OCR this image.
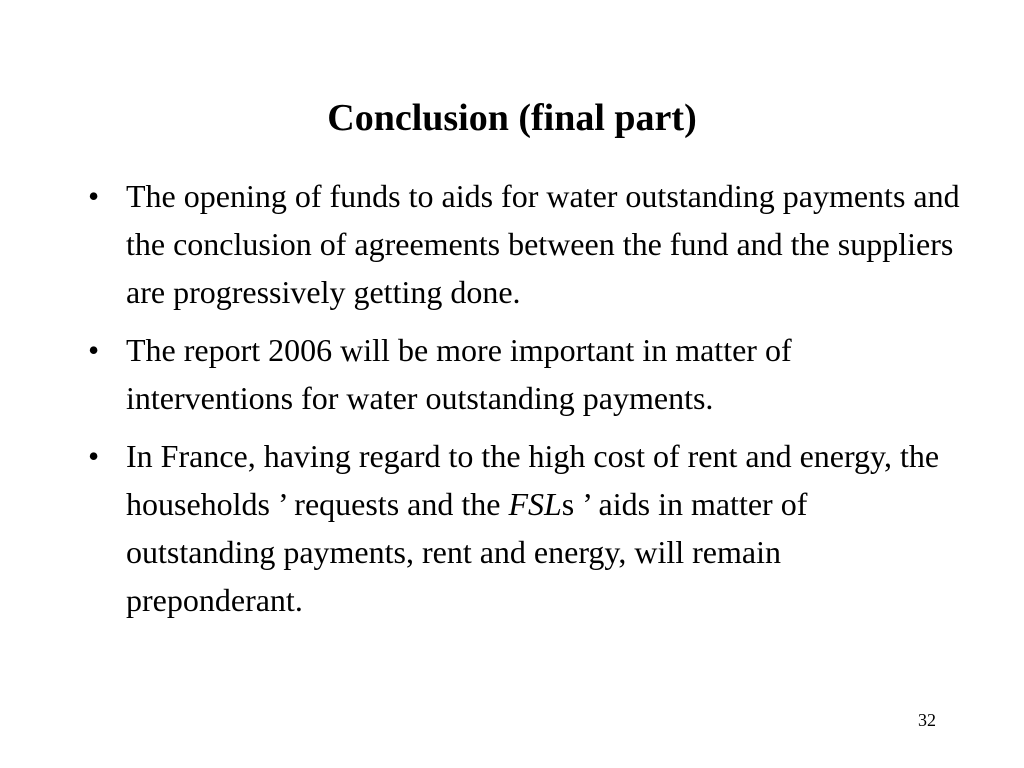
Conclusion (final part)
• The opening of funds to aids for water outstanding payments and the conclusion of agreements between the fund and the suppliers are progressively getting done.
• The report 2006 will be more important in matter of interventions for water outstanding payments.
• In France, having regard to the high cost of rent and energy, the households ’ requests and the FSLs ’ aids in matter of outstanding payments, rent and energy, will remain preponderant.
32
